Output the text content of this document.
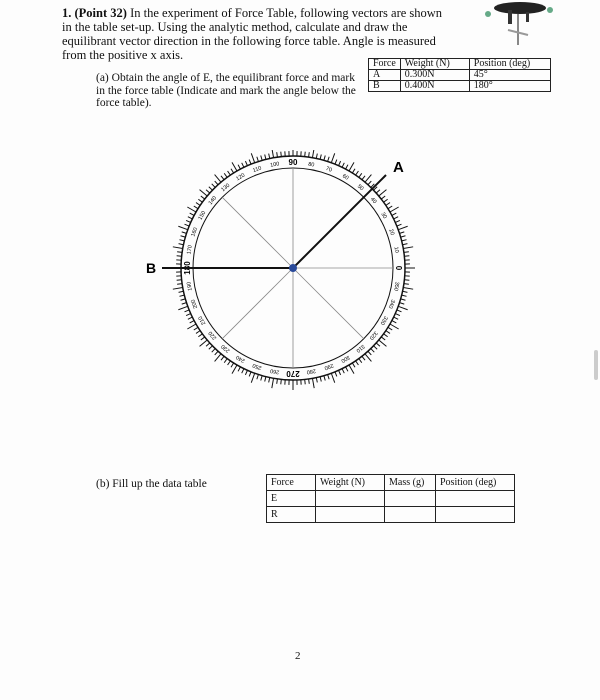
1. (Point 32) In the experiment of Force Table, following vectors are shown in the table set-up. Using the analytic method, calculate and draw the equilibrant vector direction in the following force table. Angle is measured from the positive x axis.
(a) Obtain the angle of E, the equilibrant force and mark in the force table (Indicate and mark the angle below the force table).
Force	Weight (N)	Position (deg)
A	0.300N	45°
B	0.400N	180°
0
10
20
30
40
50
60
70
80
90
100
110
120
130
140
150
160
170
180
190
200
210
220
230
240
250
260 270 280
290
300
310
320
330
340
350
A
B
(b) Fill up the data table	Force	Weight (N)	Mass (g)	Position (deg)
E			
R			
2
